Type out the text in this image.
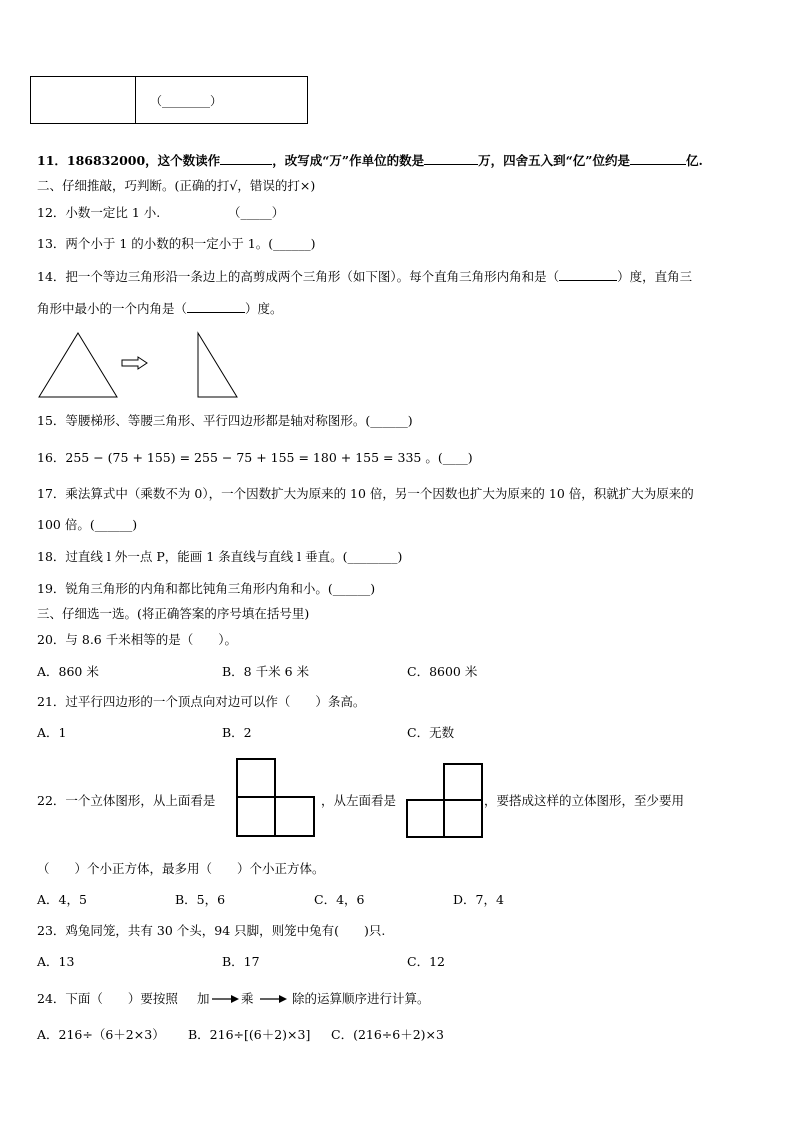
	（________）
11．186832000，这个数读作	，改写成“万”作单位的数是	万，四舍五入到“亿”位约是	亿.
二、仔细推敲，巧判断。(正确的打√，错误的打×)
12．小数一定比 1 小.	（_____）
13．两个小于 1 的小数的积一定小于 1。(______)
14．把一个等边三角形沿一条边上的高剪成两个三角形（如下图）。每个直角三角形内角和是（	）度，直角三
角形中最小的一个内角是（	）度。
15．等腰梯形、等腰三角形、平行四边形都是轴对称图形。(______)
16．255 − (75 + 155) = 255 − 75 + 155 = 180 + 155 = 335 。(____)
17．乘法算式中（乘数不为 0），一个因数扩大为原来的 10 倍，另一个因数也扩大为原来的 10 倍，积就扩大为原来的
100 倍。(______)
18．过直线 l 外一点 P，能画 1 条直线与直线 l 垂直。(________)
19．锐角三角形的内角和都比钝角三角形内角和小。(______)
三、仔细选一选。(将正确答案的序号填在括号里)
20．与 8.6 千米相等的是（　　）。
A．860 米	B．8 千米 6 米	C．8600 米
21．过平行四边形的一个顶点向对边可以作（　　）条高。
A．1	B．2	C．无数
22．一个立体图形，从上面看是	，从左面看是	，要搭成这样的立体图形，至少要用
（　　）个小正方体，最多用（　　）个小正方体。
A．4，5	B．5，6	C．4，6	D．7，4
23．鸡兔同笼，共有 30 个头，94 只脚，则笼中兔有(　　)只.
A．13	B．17	C．12
24．下面（　　）要按照 加	乘	除的运算顺序进行计算。
A．216÷（6＋2×3） B．216÷[(6＋2)×3] C．(216÷6＋2)×3
